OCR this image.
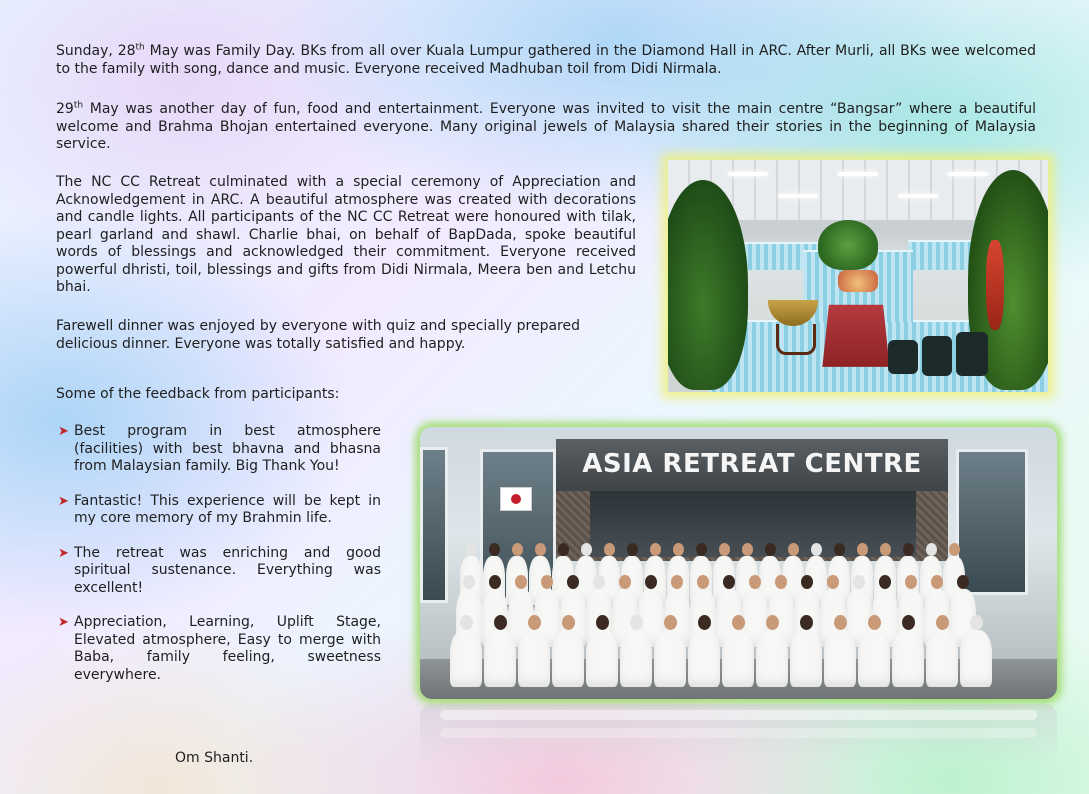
Sunday, 28th May was Family Day. BKs from all over Kuala Lumpur gathered in the Diamond Hall in ARC. After Murli, all BKs wee welcomed to the family with song, dance and music. Everyone received Madhuban toil from Didi Nirmala.

29th May was another day of fun, food and entertainment. Everyone was invited to visit the main centre “Bangsar” where a beautiful welcome and Brahma Bhojan entertained everyone. Many original jewels of Malaysia shared their stories in the beginning of Malaysia service.

The NC CC Retreat culminated with a special ceremony of Appreciation and Acknowledgement in ARC. A beautiful atmosphere was created with decorations and candle lights. All participants of the NC CC Retreat were honoured with tilak, pearl garland and shawl. Charlie bhai, on behalf of BapDada, spoke beautiful words of blessings and acknowledged their commitment. Everyone received powerful dhristi, toil, blessings and gifts from Didi Nirmala, Meera ben and Letchu bhai.

Farewell dinner was enjoyed by everyone with quiz and specially prepared delicious dinner. Everyone was totally satisfied and happy.

Some of the feedback from participants:

➤ Best program in best atmosphere (facilities) with best bhavna and bhasna from Malaysian family. Big Thank You!
➤ Fantastic! This experience will be kept in my core memory of my Brahmin life.
➤ The retreat was enriching and good spiritual sustenance. Everything was excellent!
➤ Appreciation, Learning, Uplift Stage, Elevated atmosphere, Easy to merge with Baba, family feeling, sweetness everywhere.
Om Shanti.
ASIA RETREAT CENTRE
